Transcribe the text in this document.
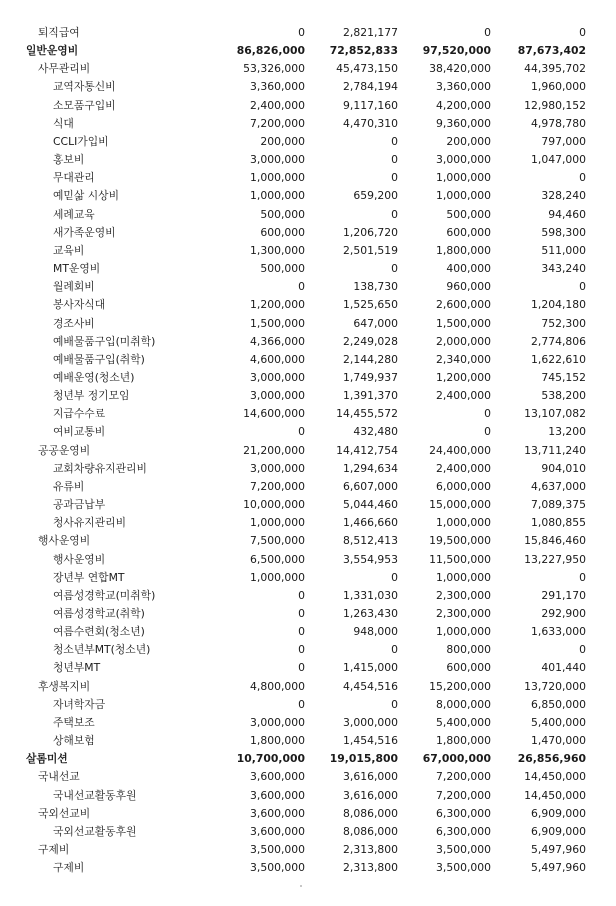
퇴직급여	0	2,821,177	0	0
일반운영비	86,826,000 72,852,833 97,520,000 87,673,402
사무관리비	53,326,000	45,473,150	38,420,000	44,395,702
교역자통신비	3,360,000	2,784,194	3,360,000	1,960,000
소모품구입비	2,400,000	9,117,160	4,200,000	12,980,152
식대	7,200,000	4,470,310	9,360,000	4,978,780
CCLI가입비	200,000	0	200,000	797,000
홍보비	3,000,000	0	3,000,000	1,047,000
무대관리	1,000,000	0	1,000,000	0
예믿삶 시상비	1,000,000	659,200	1,000,000	328,240
세례교육	500,000	0	500,000	94,460
새가족운영비	600,000	1,206,720	600,000	598,300
교육비	1,300,000	2,501,519	1,800,000	511,000
MT운영비	500,000	0	400,000	343,240
월례회비	0	138,730	960,000	0
봉사자식대	1,200,000	1,525,650	2,600,000	1,204,180
경조사비	1,500,000	647,000	1,500,000	752,300
예배물품구입(미취학)	4,366,000	2,249,028	2,000,000	2,774,806
예배물품구입(취학)	4,600,000	2,144,280	2,340,000	1,622,610
예배운영(청소년)	3,000,000	1,749,937	1,200,000	745,152
청년부 정기모임	3,000,000	1,391,370	2,400,000	538,200
지급수수료	14,600,000	14,455,572	0	13,107,082
여비교통비	0	432,480	0	13,200
공공운영비	21,200,000	14,412,754	24,400,000	13,711,240
교회차량유지관리비	3,000,000	1,294,634	2,400,000	904,010
유류비	7,200,000	6,607,000	6,000,000	4,637,000
공과금납부	10,000,000	5,044,460	15,000,000	7,089,375
청사유지관리비	1,000,000	1,466,660	1,000,000	1,080,855
행사운영비	7,500,000	8,512,413	19,500,000	15,846,460
행사운영비	6,500,000	3,554,953	11,500,000	13,227,950
장년부 연합MT	1,000,000	0	1,000,000	0
여름성경학교(미취학)	0	1,331,030	2,300,000	291,170
여름성경학교(취학)	0	1,263,430	2,300,000	292,900
여름수련회(청소년)	0	948,000	1,000,000	1,633,000
청소년부MT(청소년)	0	0	800,000	0
청년부MT	0	1,415,000	600,000	401,440
후생복지비	4,800,000	4,454,516	15,200,000	13,720,000
자녀학자금	0	0	8,000,000	6,850,000
주택보조	3,000,000	3,000,000	5,400,000	5,400,000
상해보험	1,800,000	1,454,516	1,800,000	1,470,000
살롬미션	10,700,000 19,015,800 67,000,000 26,856,960
국내선교	3,600,000	3,616,000	7,200,000	14,450,000
국내선교활동후원	3,600,000	3,616,000	7,200,000	14,450,000
국외선교비	3,600,000	8,086,000	6,300,000	6,909,000
국외선교활동후원	3,600,000	8,086,000	6,300,000	6,909,000
구제비	3,500,000	2,313,800	3,500,000	5,497,960
구제비	3,500,000	2,313,800	3,500,000	5,497,960
